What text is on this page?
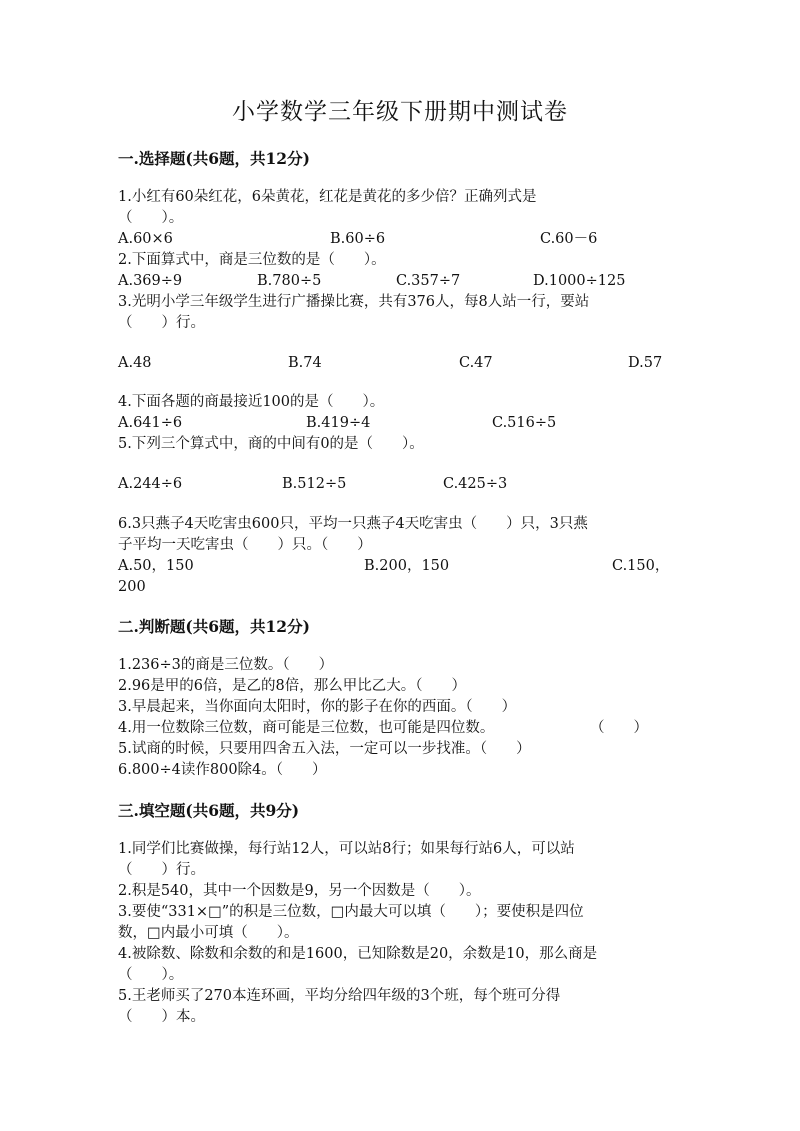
小学数学三年级下册期中测试卷
一.选择题(共6题，共12分)
1.小红有60朵红花，6朵黄花，红花是黄花的多少倍？正确列式是
（　　）。
A.60×6	B.60÷6	C.60－6
2.下面算式中，商是三位数的是（　　）。
A.369÷9	B.780÷5	C.357÷7	D.1000÷125
3.光明小学三年级学生进行广播操比赛，共有376人，每8人站一行，要站
（　　）行。
A.48	B.74	C.47	D.57
4.下面各题的商最接近100的是（　　）。
A.641÷6	B.419÷4	C.516÷5
5.下列三个算式中，商的中间有0的是（　　）。
A.244÷6	B.512÷5	C.425÷3
6.3只燕子4天吃害虫600只，平均一只燕子4天吃害虫（　　）只，3只燕
子平均一天吃害虫（　　）只。（　　）
A.50，150	B.200，150	C.150，
200
二.判断题(共6题，共12分)
1.236÷3的商是三位数。（　　）
2.96是甲的6倍，是乙的8倍，那么甲比乙大。（　　）
3.早晨起来，当你面向太阳时，你的影子在你的西面。（　　）
4.用一位数除三位数，商可能是三位数，也可能是四位数。	（　　）
5.试商的时候，只要用四舍五入法，一定可以一步找准。（　　）
6.800÷4读作800除4。（　　）
三.填空题(共6题，共9分)
1.同学们比赛做操，每行站12人，可以站8行；如果每行站6人，可以站
（　　）行。
2.积是540，其中一个因数是9，另一个因数是（　　）。
3.要使“331×□”的积是三位数，□内最大可以填（　　）；要使积是四位
数，□内最小可填（　　）。
4.被除数、除数和余数的和是1600，已知除数是20，余数是10，那么商是
（　　）。
5.王老师买了270本连环画，平均分给四年级的3个班，每个班可分得
（　　）本。
